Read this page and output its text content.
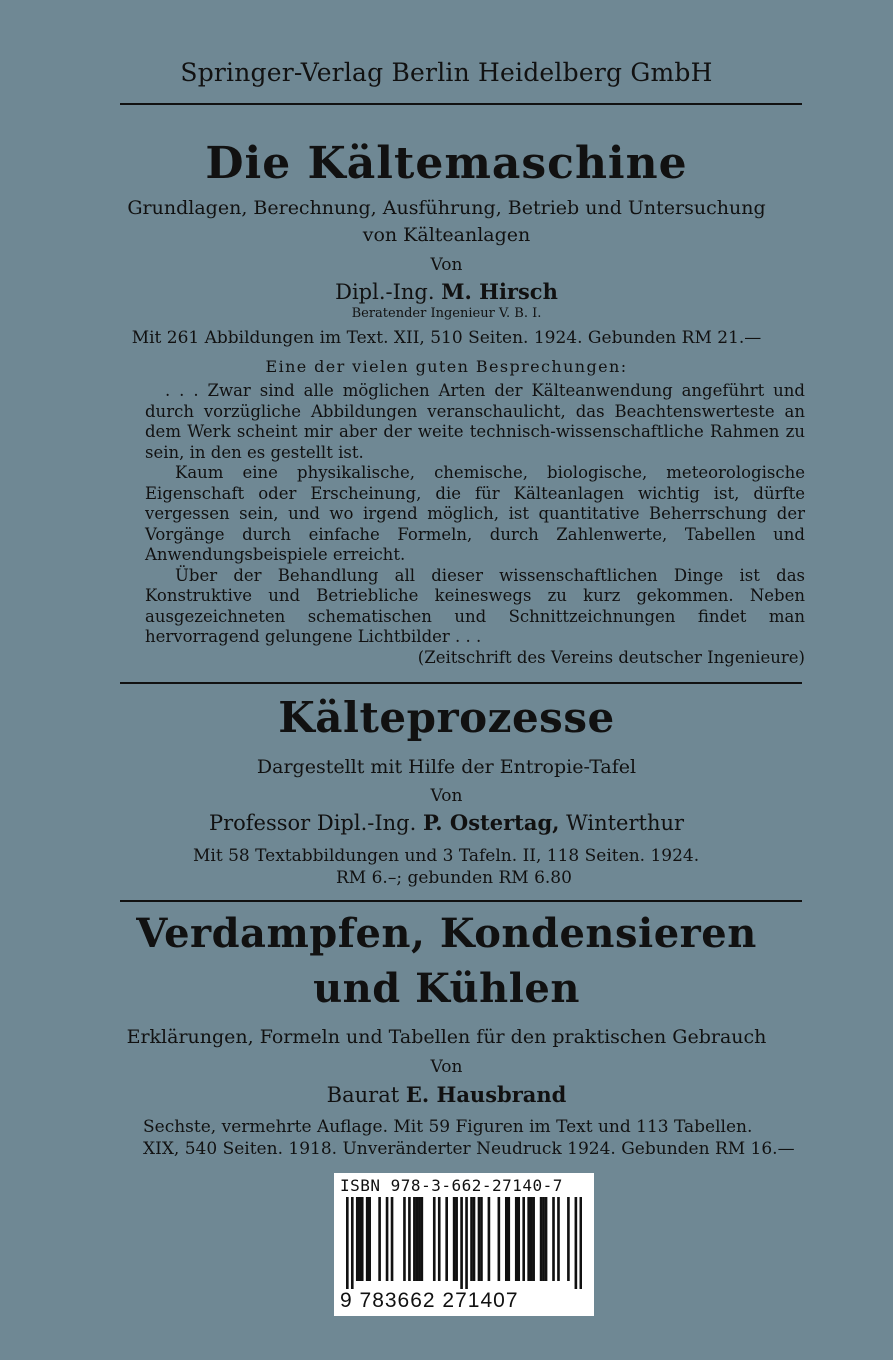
Springer-Verlag Berlin Heidelberg GmbH
Die Kältemaschine
Grundlagen, Berechnung, Ausführung, Betrieb und Untersuchung
von Kälteanlagen
Von
Dipl.-Ing. M. Hirsch
Beratender Ingenieur V. B. I.
Mit 261 Abbildungen im Text. XII, 510 Seiten. 1924. Gebunden RM 21.—
Eine der vielen guten Besprechungen:

. . . Zwar sind alle möglichen Arten der Kälteanwendung angeführt und durch vorzügliche Abbildungen veranschaulicht, das Beachtenswerteste an dem Werk scheint mir aber der weite technisch-wissenschaftliche Rahmen zu sein, in den es gestellt ist.

Kaum eine physikalische, chemische, biologische, meteorologische Eigenschaft oder Erscheinung, die für Kälteanlagen wichtig ist, dürfte vergessen sein, und wo irgend möglich, ist quantitative Beherrschung der Vorgänge durch einfache Formeln, durch Zahlenwerte, Tabellen und Anwendungsbeispiele erreicht.

Über der Behandlung all dieser wissenschaftlichen Dinge ist das Konstruktive und Betriebliche keineswegs zu kurz gekommen. Neben ausgezeichneten schematischen und Schnittzeichnungen findet man hervorragend gelungene Lichtbilder . . .

(Zeitschrift des Vereins deutscher Ingenieure)
Kälteprozesse
Dargestellt mit Hilfe der Entropie-Tafel
Von
Professor Dipl.-Ing. P. Ostertag, Winterthur
Mit 58 Textabbildungen und 3 Tafeln. II, 118 Seiten. 1924.
RM 6.–; gebunden RM 6.80
Verdampfen, Kondensieren
und Kühlen
Erklärungen, Formeln und Tabellen für den praktischen Gebrauch
Von
Baurat E. Hausbrand
Sechste, vermehrte Auflage. Mit 59 Figuren im Text und 113 Tabellen.
XIX, 540 Seiten. 1918. Unveränderter Neudruck 1924. Gebunden RM 16.—
ISBN 978-3-662-27140-7
9 783662 271407
